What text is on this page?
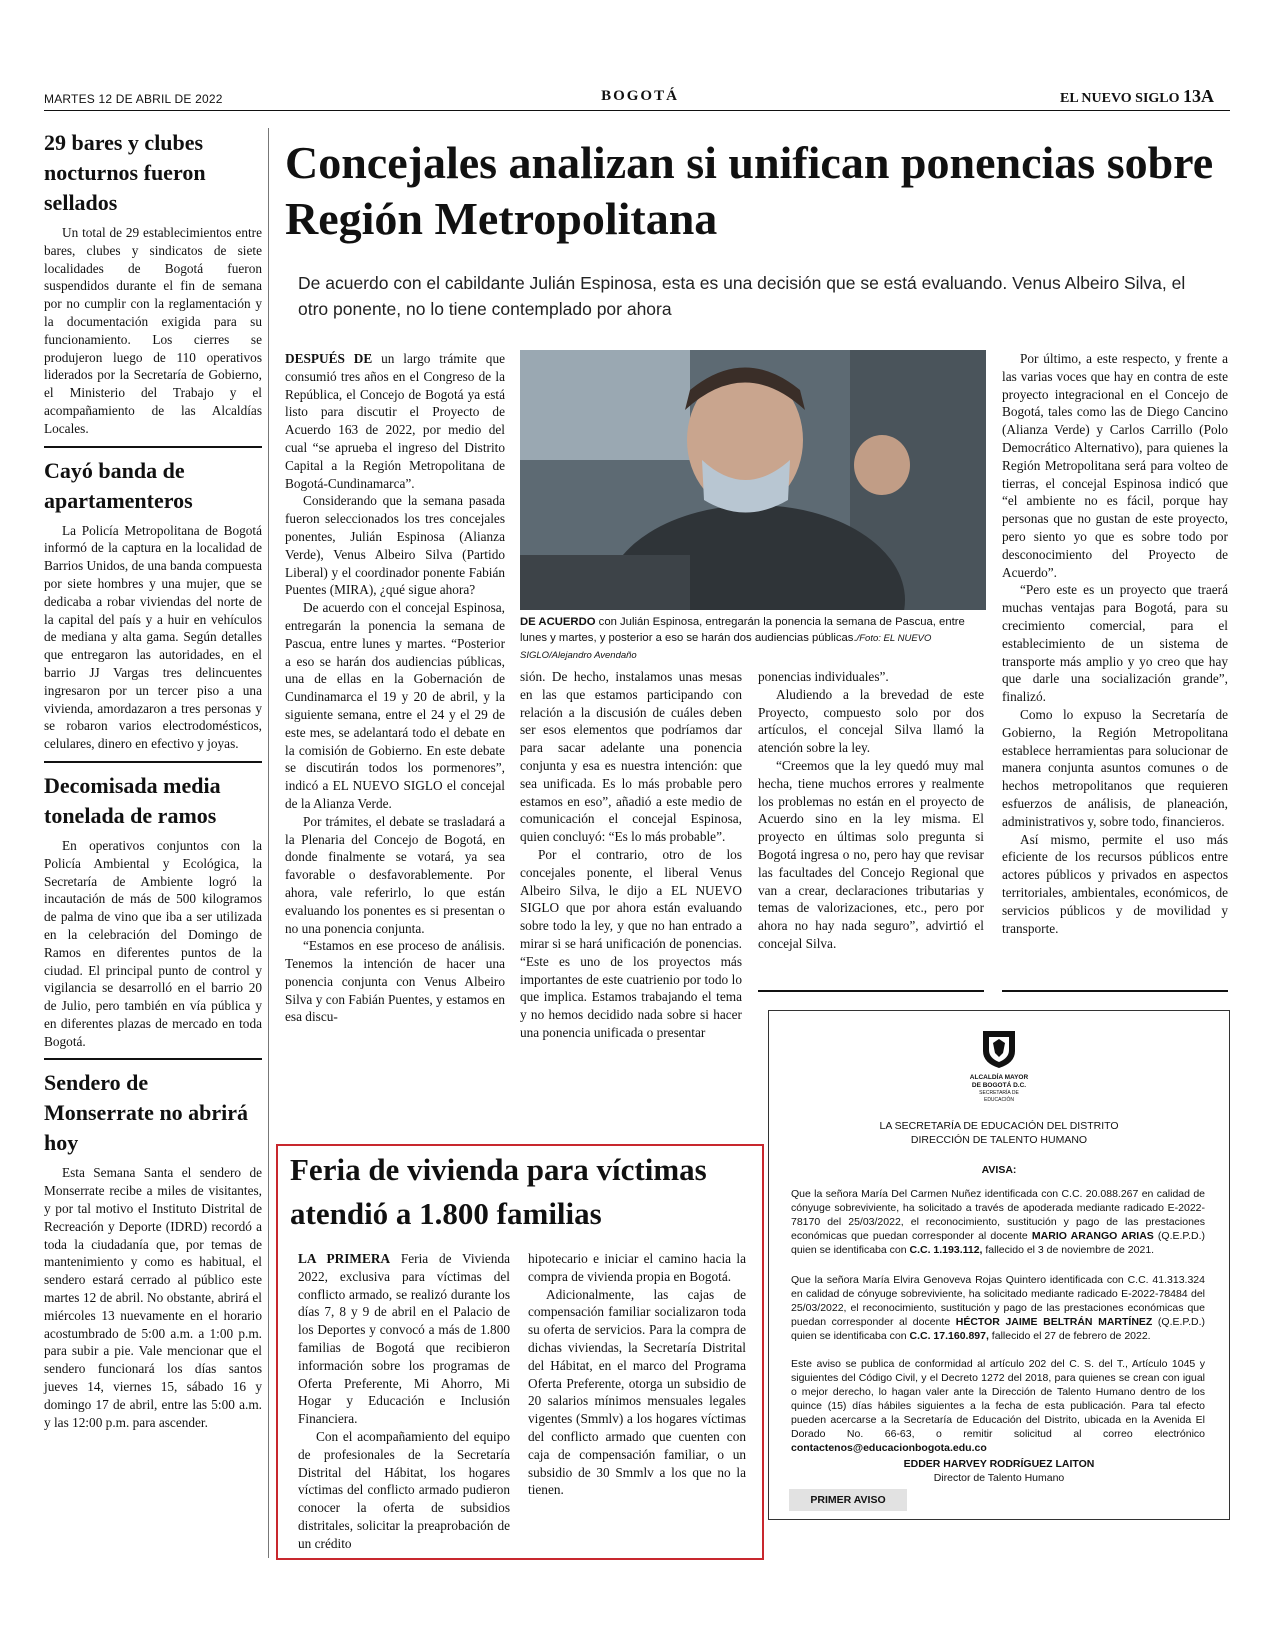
MARTES 12 DE ABRIL DE 2022	BOGOTÁ	EL NUEVO SIGLO 13A
29 bares y clubes nocturnos fueron sellados

Un total de 29 establecimientos entre bares, clubes y sindicatos de siete localidades de Bogotá fueron suspendidos durante el fin de semana por no cumplir con la reglamentación y la documentación exigida para su funcionamiento. Los cierres se produjeron luego de 110 operativos liderados por la Secretaría de Gobierno, el Ministerio del Trabajo y el acompañamiento de las Alcaldías Locales.

Cayó banda de apartamenteros

La Policía Metropolitana de Bogotá informó de la captura en la localidad de Barrios Unidos, de una banda compuesta por siete hombres y una mujer, que se dedicaba a robar viviendas del norte de la capital del país y a huir en vehículos de mediana y alta gama. Según detalles que entregaron las autoridades, en el barrio JJ Vargas tres delincuentes ingresaron por un tercer piso a una vivienda, amordazaron a tres personas y se robaron varios electrodomésticos, celulares, dinero en efectivo y joyas.

Decomisada media tonelada de ramos

En operativos conjuntos con la Policía Ambiental y Ecológica, la Secretaría de Ambiente logró la incautación de más de 500 kilogramos de palma de vino que iba a ser utilizada en la celebración del Domingo de Ramos en diferentes puntos de la ciudad. El principal punto de control y vigilancia se desarrolló en el barrio 20 de Julio, pero también en vía pública y en diferentes plazas de mercado en toda Bogotá.

Sendero de Monserrate no abrirá hoy

Esta Semana Santa el sendero de Monserrate recibe a miles de visitantes, y por tal motivo el Instituto Distrital de Recreación y Deporte (IDRD) recordó a toda la ciudadanía que, por temas de mantenimiento y como es habitual, el sendero estará cerrado al público este martes 12 de abril. No obstante, abrirá el miércoles 13 nuevamente en el horario acostumbrado de 5:00 a.m. a 1:00 p.m. para subir a pie. Vale mencionar que el sendero funcionará los días santos jueves 14, viernes 15, sábado 16 y domingo 17 de abril, entre las 5:00 a.m. y las 12:00 p.m. para ascender.

Concejales analizan si unifican ponencias sobre Región Metropolitana

De acuerdo con el cabildante Julián Espinosa, esta es una decisión que se está evaluando. Venus Albeiro Silva, el otro ponente, no lo tiene contemplado por ahora

DESPUÉS DE un largo trámite que consumió tres años en el Congreso de la República, el Concejo de Bogotá ya está listo para discutir el Proyecto de Acuerdo 163 de 2022, por medio del cual “se aprueba el ingreso del Distrito Capital a la Región Metropolitana de Bogotá-Cundinamarca”.

Considerando que la semana pasada fueron seleccionados los tres concejales ponentes, Julián Espinosa (Alianza Verde), Venus Albeiro Silva (Partido Liberal) y el coordinador ponente Fabián Puentes (MIRA), ¿qué sigue ahora?

De acuerdo con el concejal Espinosa, entregarán la ponencia la semana de Pascua, entre lunes y martes. “Posterior a eso se harán dos audiencias públicas, una de ellas en la Gobernación de Cundinamarca el 19 y 20 de abril, y la siguiente semana, entre el 24 y el 29 de este mes, se adelantará todo el debate en la comisión de Gobierno. En este debate se discutirán todos los pormenores”, indicó a EL NUEVO SIGLO el concejal de la Alianza Verde.

Por trámites, el debate se trasladará a la Plenaria del Concejo de Bogotá, en donde finalmente se votará, ya sea favorable o desfavorablemente. Por ahora, vale referirlo, lo que están evaluando los ponentes es si presentan o no una ponencia conjunta.

“Estamos en ese proceso de análisis. Tenemos la intención de hacer una ponencia conjunta con Venus Albeiro Silva y con Fabián Puentes, y estamos en esa discu-

DE ACUERDO con Julián Espinosa, entregarán la ponencia la semana de Pascua, entre lunes y martes, y posterior a eso se harán dos audiencias públicas./Foto: EL NUEVO SIGLO/Alejandro Avendaño

sión. De hecho, instalamos unas mesas en las que estamos participando con relación a la discusión de cuáles deben ser esos elementos que podríamos dar para sacar adelante una ponencia conjunta y esa es nuestra intención: que sea unificada. Es lo más probable pero estamos en eso”, añadió a este medio de comunicación el concejal Espinosa, quien concluyó: “Es lo más probable”.

Por el contrario, otro de los concejales ponente, el liberal Venus Albeiro Silva, le dijo a EL NUEVO SIGLO que por ahora están evaluando sobre todo la ley, y que no han entrado a mirar si se hará unificación de ponencias. “Este es uno de los proyectos más importantes de este cuatrienio por todo lo que implica. Estamos trabajando el tema y no hemos decidido nada sobre si hacer una ponencia unificada o presentar

ponencias individuales”.

Aludiendo a la brevedad de este Proyecto, compuesto solo por dos artículos, el concejal Silva llamó la atención sobre la ley.

“Creemos que la ley quedó muy mal hecha, tiene muchos errores y realmente los problemas no están en el proyecto de Acuerdo sino en la ley misma. El proyecto en últimas solo pregunta si Bogotá ingresa o no, pero hay que revisar las facultades del Concejo Regional que van a crear, declaraciones tributarias y temas de valorizaciones, etc., pero por ahora no hay nada seguro”, advirtió el concejal Silva.

Por último, a este respecto, y frente a las varias voces que hay en contra de este proyecto integracional en el Concejo de Bogotá, tales como las de Diego Cancino (Alianza Verde) y Carlos Carrillo (Polo Democrático Alternativo), para quienes la Región Metropolitana será para volteo de tierras, el concejal Espinosa indicó que “el ambiente no es fácil, porque hay personas que no gustan de este proyecto, pero siento yo que es sobre todo por desconocimiento del Proyecto de Acuerdo”.

“Pero este es un proyecto que traerá muchas ventajas para Bogotá, para su crecimiento comercial, para el establecimiento de un sistema de transporte más amplio y yo creo que hay que darle una socialización grande”, finalizó.

Como lo expuso la Secretaría de Gobierno, la Región Metropolitana establece herramientas para solucionar de manera conjunta asuntos comunes o de hechos metropolitanos que requieren esfuerzos de análisis, de planeación, administrativos y, sobre todo, financieros.

Así mismo, permite el uso más eficiente de los recursos públicos entre actores públicos y privados en aspectos territoriales, ambientales, económicos, de servicios públicos y de movilidad y transporte.

Feria de vivienda para víctimas atendió a 1.800 familias

LA PRIMERA Feria de Vivienda 2022, exclusiva para víctimas del conflicto armado, se realizó durante los días 7, 8 y 9 de abril en el Palacio de los Deportes y convocó a más de 1.800 familias de Bogotá que recibieron información sobre los programas de Oferta Preferente, Mi Ahorro, Mi Hogar y Educación e Inclusión Financiera.

Con el acompañamiento del equipo de profesionales de la Secretaría Distrital del Hábitat, los hogares víctimas del conflicto armado pudieron conocer la oferta de subsidios distritales, solicitar la preaprobación de un crédito

hipotecario e iniciar el camino hacia la compra de vivienda propia en Bogotá.

Adicionalmente, las cajas de compensación familiar socializaron toda su oferta de servicios. Para la compra de dichas viviendas, la Secretaría Distrital del Hábitat, en el marco del Programa Oferta Preferente, otorga un subsidio de 20 salarios mínimos mensuales legales vigentes (Smmlv) a los hogares víctimas del conflicto armado que cuenten con caja de compensación familiar, o un subsidio de 30 Smmlv a los que no la tienen.

ALCALDÍA MAYOR
DE BOGOTÁ D.C.
SECRETARÍA DE EDUCACIÓN
LA SECRETARÍA DE EDUCACIÓN DEL DISTRITO
DIRECCIÓN DE TALENTO HUMANO
AVISA:
Que la señora María Del Carmen Nuñez identificada con C.C. 20.088.267 en calidad de cónyuge sobreviviente, ha solicitado a través de apoderada mediante radicado E-2022-78170 del 25/03/2022, el reconocimiento, sustitución y pago de las prestaciones económicas que puedan corresponder al docente MARIO ARANGO ARIAS (Q.E.P.D.) quien se identificaba con C.C. 1.193.112, fallecido el 3 de noviembre de 2021.
Que la señora María Elvira Genoveva Rojas Quintero identificada con C.C. 41.313.324 en calidad de cónyuge sobreviviente, ha solicitado mediante radicado E-2022-78484 del 25/03/2022, el reconocimiento, sustitución y pago de las prestaciones económicas que puedan corresponder al docente HÉCTOR JAIME BELTRÁN MARTÍNEZ (Q.E.P.D.) quien se identificaba con C.C. 17.160.897, fallecido el 27 de febrero de 2022.
Este aviso se publica de conformidad al artículo 202 del C. S. del T., Artículo 1045 y siguientes del Código Civil, y el Decreto 1272 del 2018, para quienes se crean con igual o mejor derecho, lo hagan valer ante la Dirección de Talento Humano dentro de los quince (15) días hábiles siguientes a la fecha de esta publicación. Para tal efecto pueden acercarse a la Secretaría de Educación del Distrito, ubicada en la Avenida El Dorado No. 66-63, o remitir solicitud al correo electrónico contactenos@educacionbogota.edu.co
EDDER HARVEY RODRÍGUEZ LAITON
Director de Talento Humano
PRIMER AVISO
